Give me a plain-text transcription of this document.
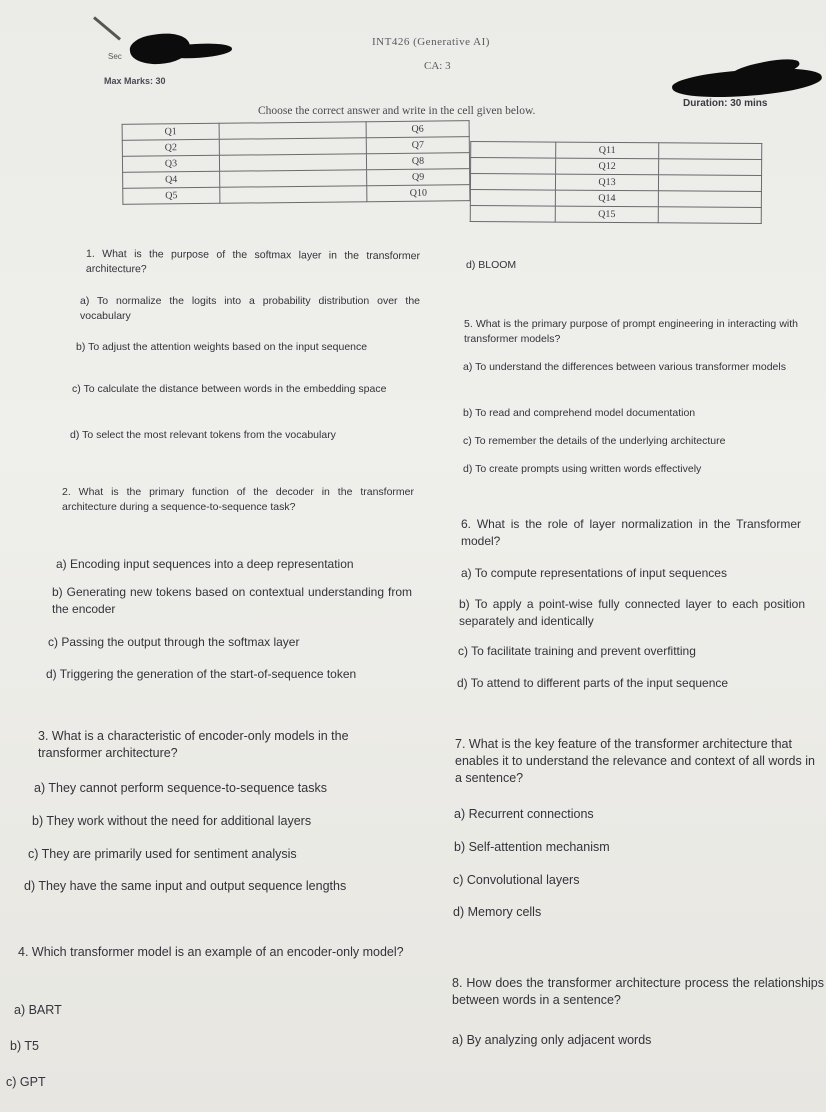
INT426 (Generative AI)
CA: 3
Sec
Max Marks: 30
Duration: 30 mins
Choose the correct answer and write in the cell given below.
Q1		Q6
Q2		Q7
Q3		Q8
Q4		Q9
Q5		Q10
	Q11	
	Q12	
	Q13	
	Q14	
	Q15	

1. What is the purpose of the softmax layer in the transformer architecture?

a) To normalize the logits into a probability distribution over the vocabulary
b) To adjust the attention weights based on the input sequence
c) To calculate the distance between words in the embedding space
d) To select the most relevant tokens from the vocabulary

2. What is the primary function of the decoder in the transformer architecture during a sequence-to-sequence task?

a) Encoding input sequences into a deep representation
b) Generating new tokens based on contextual understanding from the encoder
c) Passing the output through the softmax layer
d) Triggering the generation of the start-of-sequence token

3. What is a characteristic of encoder-only models in the transformer architecture?

a) They cannot perform sequence-to-sequence tasks
b) They work without the need for additional layers
c) They are primarily used for sentiment analysis
d) They have the same input and output sequence lengths

4. Which transformer model is an example of an encoder-only model?

a) BART
b) T5
c) GPT
d) BLOOM

5. What is the primary purpose of prompt engineering in interacting with transformer models?

a) To understand the differences between various transformer models
b) To read and comprehend model documentation
c) To remember the details of the underlying architecture
d) To create prompts using written words effectively

6. What is the role of layer normalization in the Transformer model?

a) To compute representations of input sequences
b) To apply a point-wise fully connected layer to each position separately and identically
c) To facilitate training and prevent overfitting
d) To attend to different parts of the input sequence

7. What is the key feature of the transformer architecture that enables it to understand the relevance and context of all words in a sentence?

a) Recurrent connections
b) Self-attention mechanism
c) Convolutional layers
d) Memory cells

8. How does the transformer architecture process the relationships between words in a sentence?

a) By analyzing only adjacent words
